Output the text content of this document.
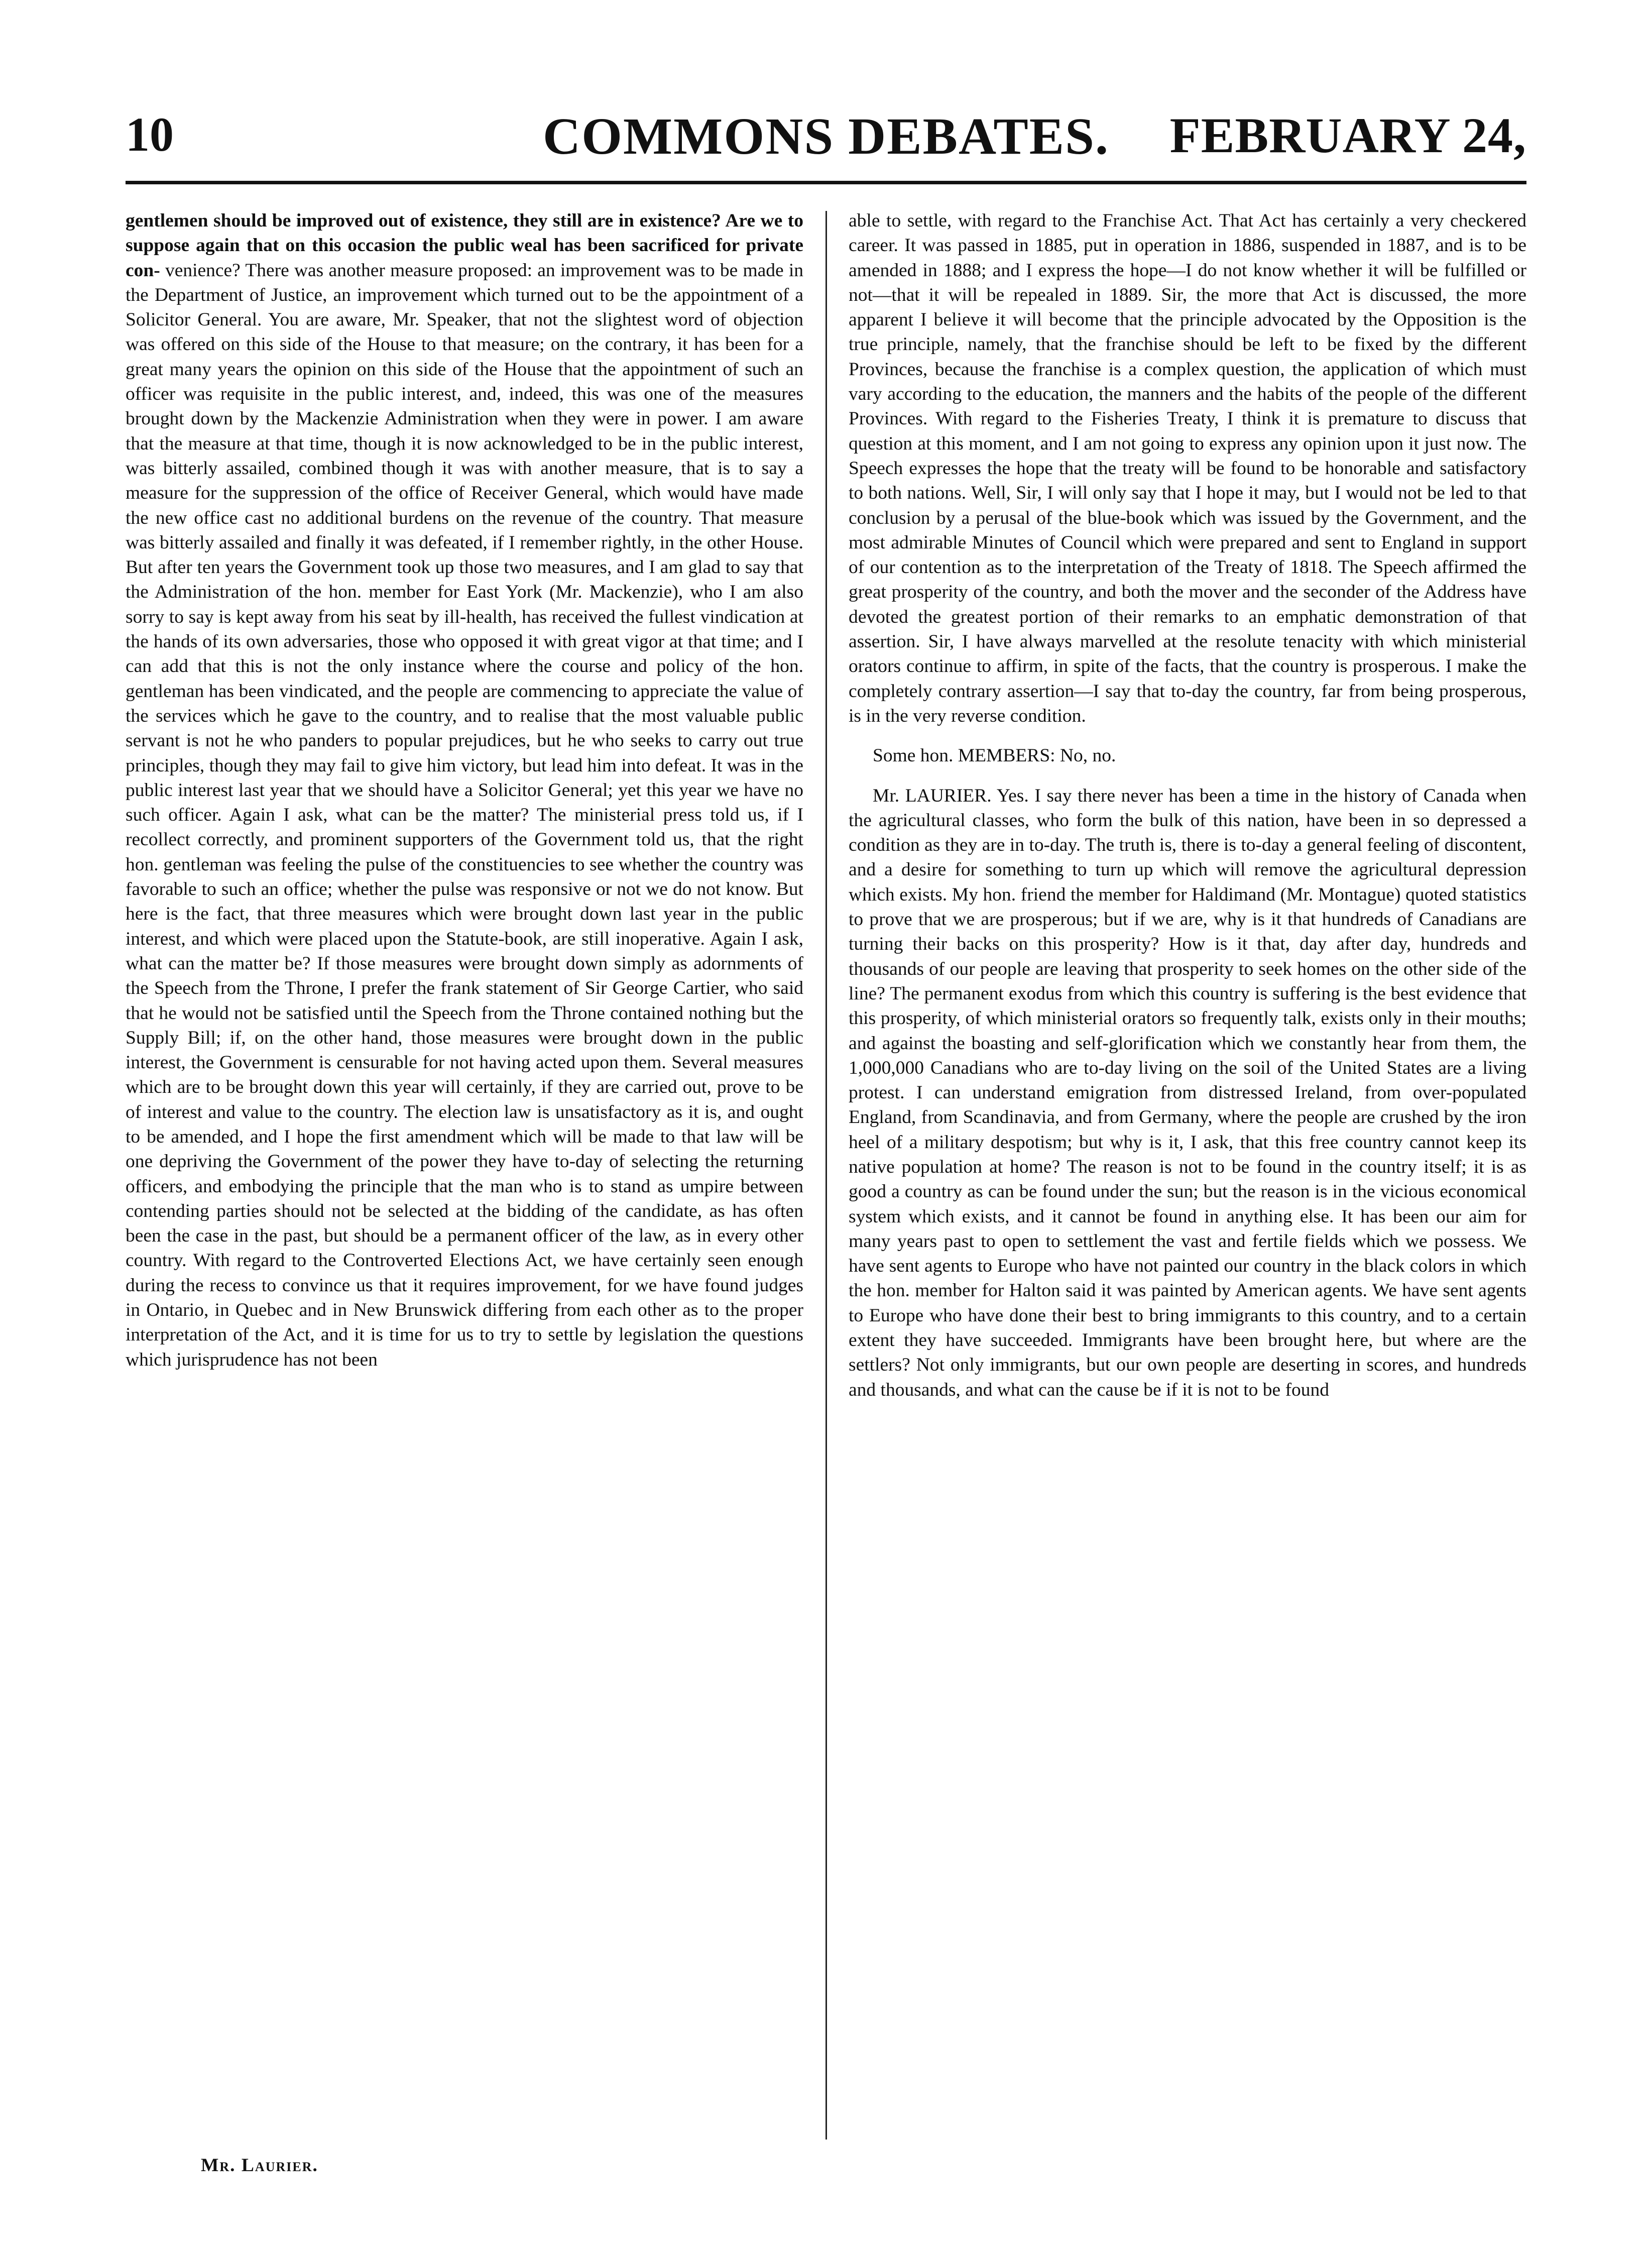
10	COMMONS DEBATES.	FEBRUARY 24,

gentlemen should be improved out of existence, they still are in existence? Are we to suppose again that on this occasion the public weal has been sacrificed for private con- venience? There was another measure proposed: an improvement was to be made in the Department of Justice, an improvement which turned out to be the appointment of a Solicitor General. You are aware, Mr. Speaker, that not the slightest word of objection was offered on this side of the House to that measure; on the contrary, it has been for a great many years the opinion on this side of the House that the appointment of such an officer was requisite in the public interest, and, indeed, this was one of the measures brought down by the Mackenzie Administration when they were in power. I am aware that the measure at that time, though it is now acknowledged to be in the public interest, was bitterly assailed, combined though it was with another measure, that is to say a measure for the suppression of the office of Receiver General, which would have made the new office cast no additional burdens on the revenue of the country. That measure was bitterly assailed and finally it was defeated, if I remember rightly, in the other House. But after ten years the Government took up those two measures, and I am glad to say that the Administration of the hon. member for East York (Mr. Mackenzie), who I am also sorry to say is kept away from his seat by ill-health, has received the fullest vindication at the hands of its own adversaries, those who opposed it with great vigor at that time; and I can add that this is not the only instance where the course and policy of the hon. gentleman has been vindicated, and the people are commencing to appreciate the value of the services which he gave to the country, and to realise that the most valuable public servant is not he who panders to popular prejudices, but he who seeks to carry out true principles, though they may fail to give him victory, but lead him into defeat. It was in the public interest last year that we should have a Solicitor General; yet this year we have no such officer. Again I ask, what can be the matter? The ministerial press told us, if I recollect correctly, and prominent supporters of the Government told us, that the right hon. gentleman was feeling the pulse of the constituencies to see whether the country was favorable to such an office; whether the pulse was responsive or not we do not know. But here is the fact, that three measures which were brought down last year in the public interest, and which were placed upon the Statute-book, are still inoperative. Again I ask, what can the matter be? If those measures were brought down simply as adornments of the Speech from the Throne, I prefer the frank statement of Sir George Cartier, who said that he would not be satisfied until the Speech from the Throne contained nothing but the Supply Bill; if, on the other hand, those measures were brought down in the public interest, the Government is censurable for not having acted upon them. Several measures which are to be brought down this year will certainly, if they are carried out, prove to be of interest and value to the country. The election law is unsatisfactory as it is, and ought to be amended, and I hope the first amendment which will be made to that law will be one depriving the Government of the power they have to-day of selecting the returning officers, and embodying the principle that the man who is to stand as umpire between contending parties should not be selected at the bidding of the candidate, as has often been the case in the past, but should be a permanent officer of the law, as in every other country. With regard to the Controverted Elections Act, we have certainly seen enough during the recess to convince us that it requires improvement, for we have found judges in Ontario, in Quebec and in New Brunswick differing from each other as to the proper interpretation of the Act, and it is time for us to try to settle by legislation the questions which jurisprudence has not been

able to settle, with regard to the Franchise Act. That Act has certainly a very checkered career. It was passed in 1885, put in operation in 1886, suspended in 1887, and is to be amended in 1888; and I express the hope—I do not know whether it will be fulfilled or not—that it will be repealed in 1889. Sir, the more that Act is discussed, the more apparent I believe it will become that the principle advocated by the Opposition is the true principle, namely, that the franchise should be left to be fixed by the different Provinces, because the franchise is a complex question, the application of which must vary according to the education, the manners and the habits of the people of the different Provinces. With regard to the Fisheries Treaty, I think it is premature to discuss that question at this moment, and I am not going to express any opinion upon it just now. The Speech expresses the hope that the treaty will be found to be honorable and satisfactory to both nations. Well, Sir, I will only say that I hope it may, but I would not be led to that conclusion by a perusal of the blue-book which was issued by the Government, and the most admirable Minutes of Council which were prepared and sent to England in support of our contention as to the interpretation of the Treaty of 1818. The Speech affirmed the great prosperity of the country, and both the mover and the seconder of the Address have devoted the greatest portion of their remarks to an emphatic demonstration of that assertion. Sir, I have always marvelled at the resolute tenacity with which ministerial orators continue to affirm, in spite of the facts, that the country is prosperous. I make the completely contrary assertion—I say that to-day the country, far from being prosperous, is in the very reverse condition.

Some hon. MEMBERS: No, no.

Mr. LAURIER. Yes. I say there never has been a time in the history of Canada when the agricultural classes, who form the bulk of this nation, have been in so depressed a condition as they are in to-day. The truth is, there is to-day a general feeling of discontent, and a desire for something to turn up which will remove the agricultural depression which exists. My hon. friend the member for Haldimand (Mr. Montague) quoted statistics to prove that we are prosperous; but if we are, why is it that hundreds of Canadians are turning their backs on this prosperity? How is it that, day after day, hundreds and thousands of our people are leaving that prosperity to seek homes on the other side of the line? The permanent exodus from which this country is suffering is the best evidence that this prosperity, of which ministerial orators so frequently talk, exists only in their mouths; and against the boasting and self-glorification which we constantly hear from them, the 1,000,000 Canadians who are to-day living on the soil of the United States are a living protest. I can understand emigration from distressed Ireland, from over-populated England, from Scandinavia, and from Germany, where the people are crushed by the iron heel of a military despotism; but why is it, I ask, that this free country cannot keep its native population at home? The reason is not to be found in the country itself; it is as good a country as can be found under the sun; but the reason is in the vicious economical system which exists, and it cannot be found in anything else. It has been our aim for many years past to open to settlement the vast and fertile fields which we possess. We have sent agents to Europe who have not painted our country in the black colors in which the hon. member for Halton said it was painted by American agents. We have sent agents to Europe who have done their best to bring immigrants to this country, and to a certain extent they have succeeded. Immigrants have been brought here, but where are the settlers? Not only immigrants, but our own people are deserting in scores, and hundreds and thousands, and what can the cause be if it is not to be found

Mr. Laurier.
